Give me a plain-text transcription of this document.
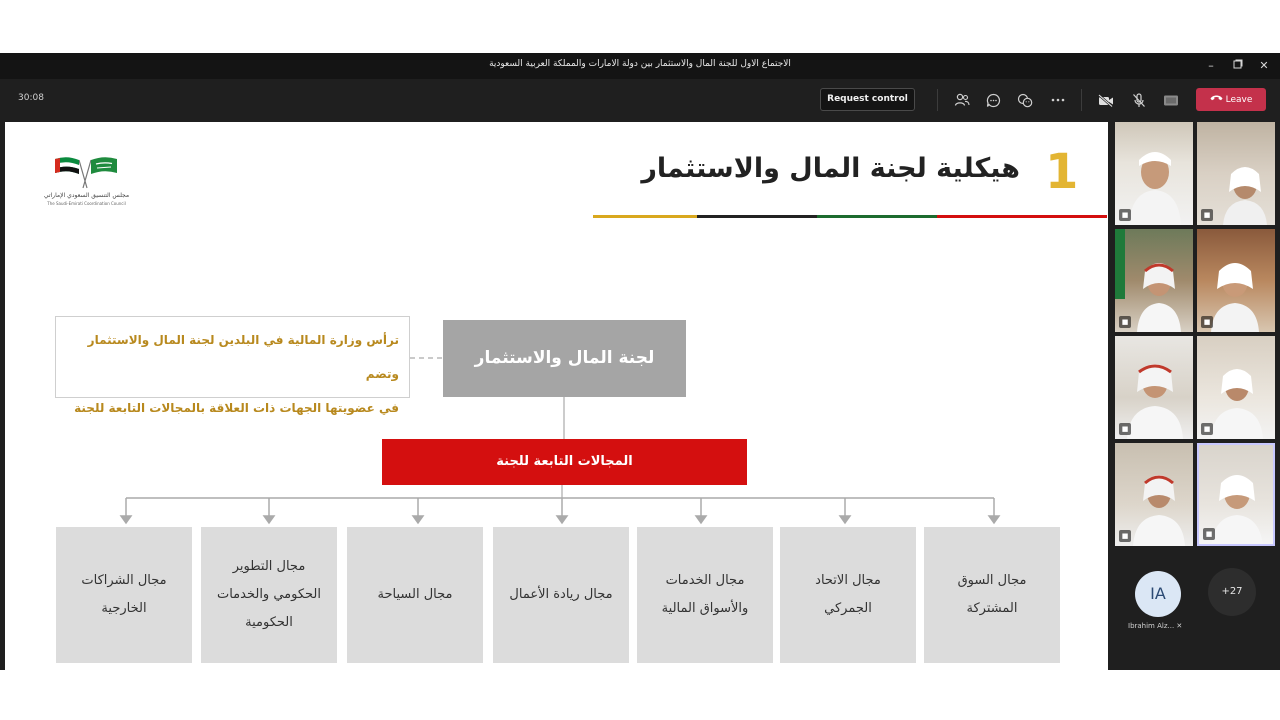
الاجتماع الاول للجنة المال والاستثمار بين دولة الامارات والمملكة العربية السعودية	–	✕
30:08	Request control	Leave
مجلس التنسيق السعودي الإماراتي
The Saudi-Emirati Coordination Council
1
هيكلية لجنة المال والاستثمار
ترأس وزارة المالية في البلدين لجنة المال والاستثمار وتضم
في عضويتها الجهات ذات العلاقة بالمجالات التابعة للجنة
لجنة المال والاستثمار
المجالات التابعة للجنة
مجال الشراكات
الخارجية
مجال التطوير
الحكومي والخدمات
الحكومية
مجال السياحة	مجال ريادة الأعمال
مجال الخدمات
والأسواق المالية
مجال الاتحاد
الجمركي
مجال السوق
المشتركة
■	■
■	■
■	■
■	■
IA
Ibrahim Alz... ✕
+27
